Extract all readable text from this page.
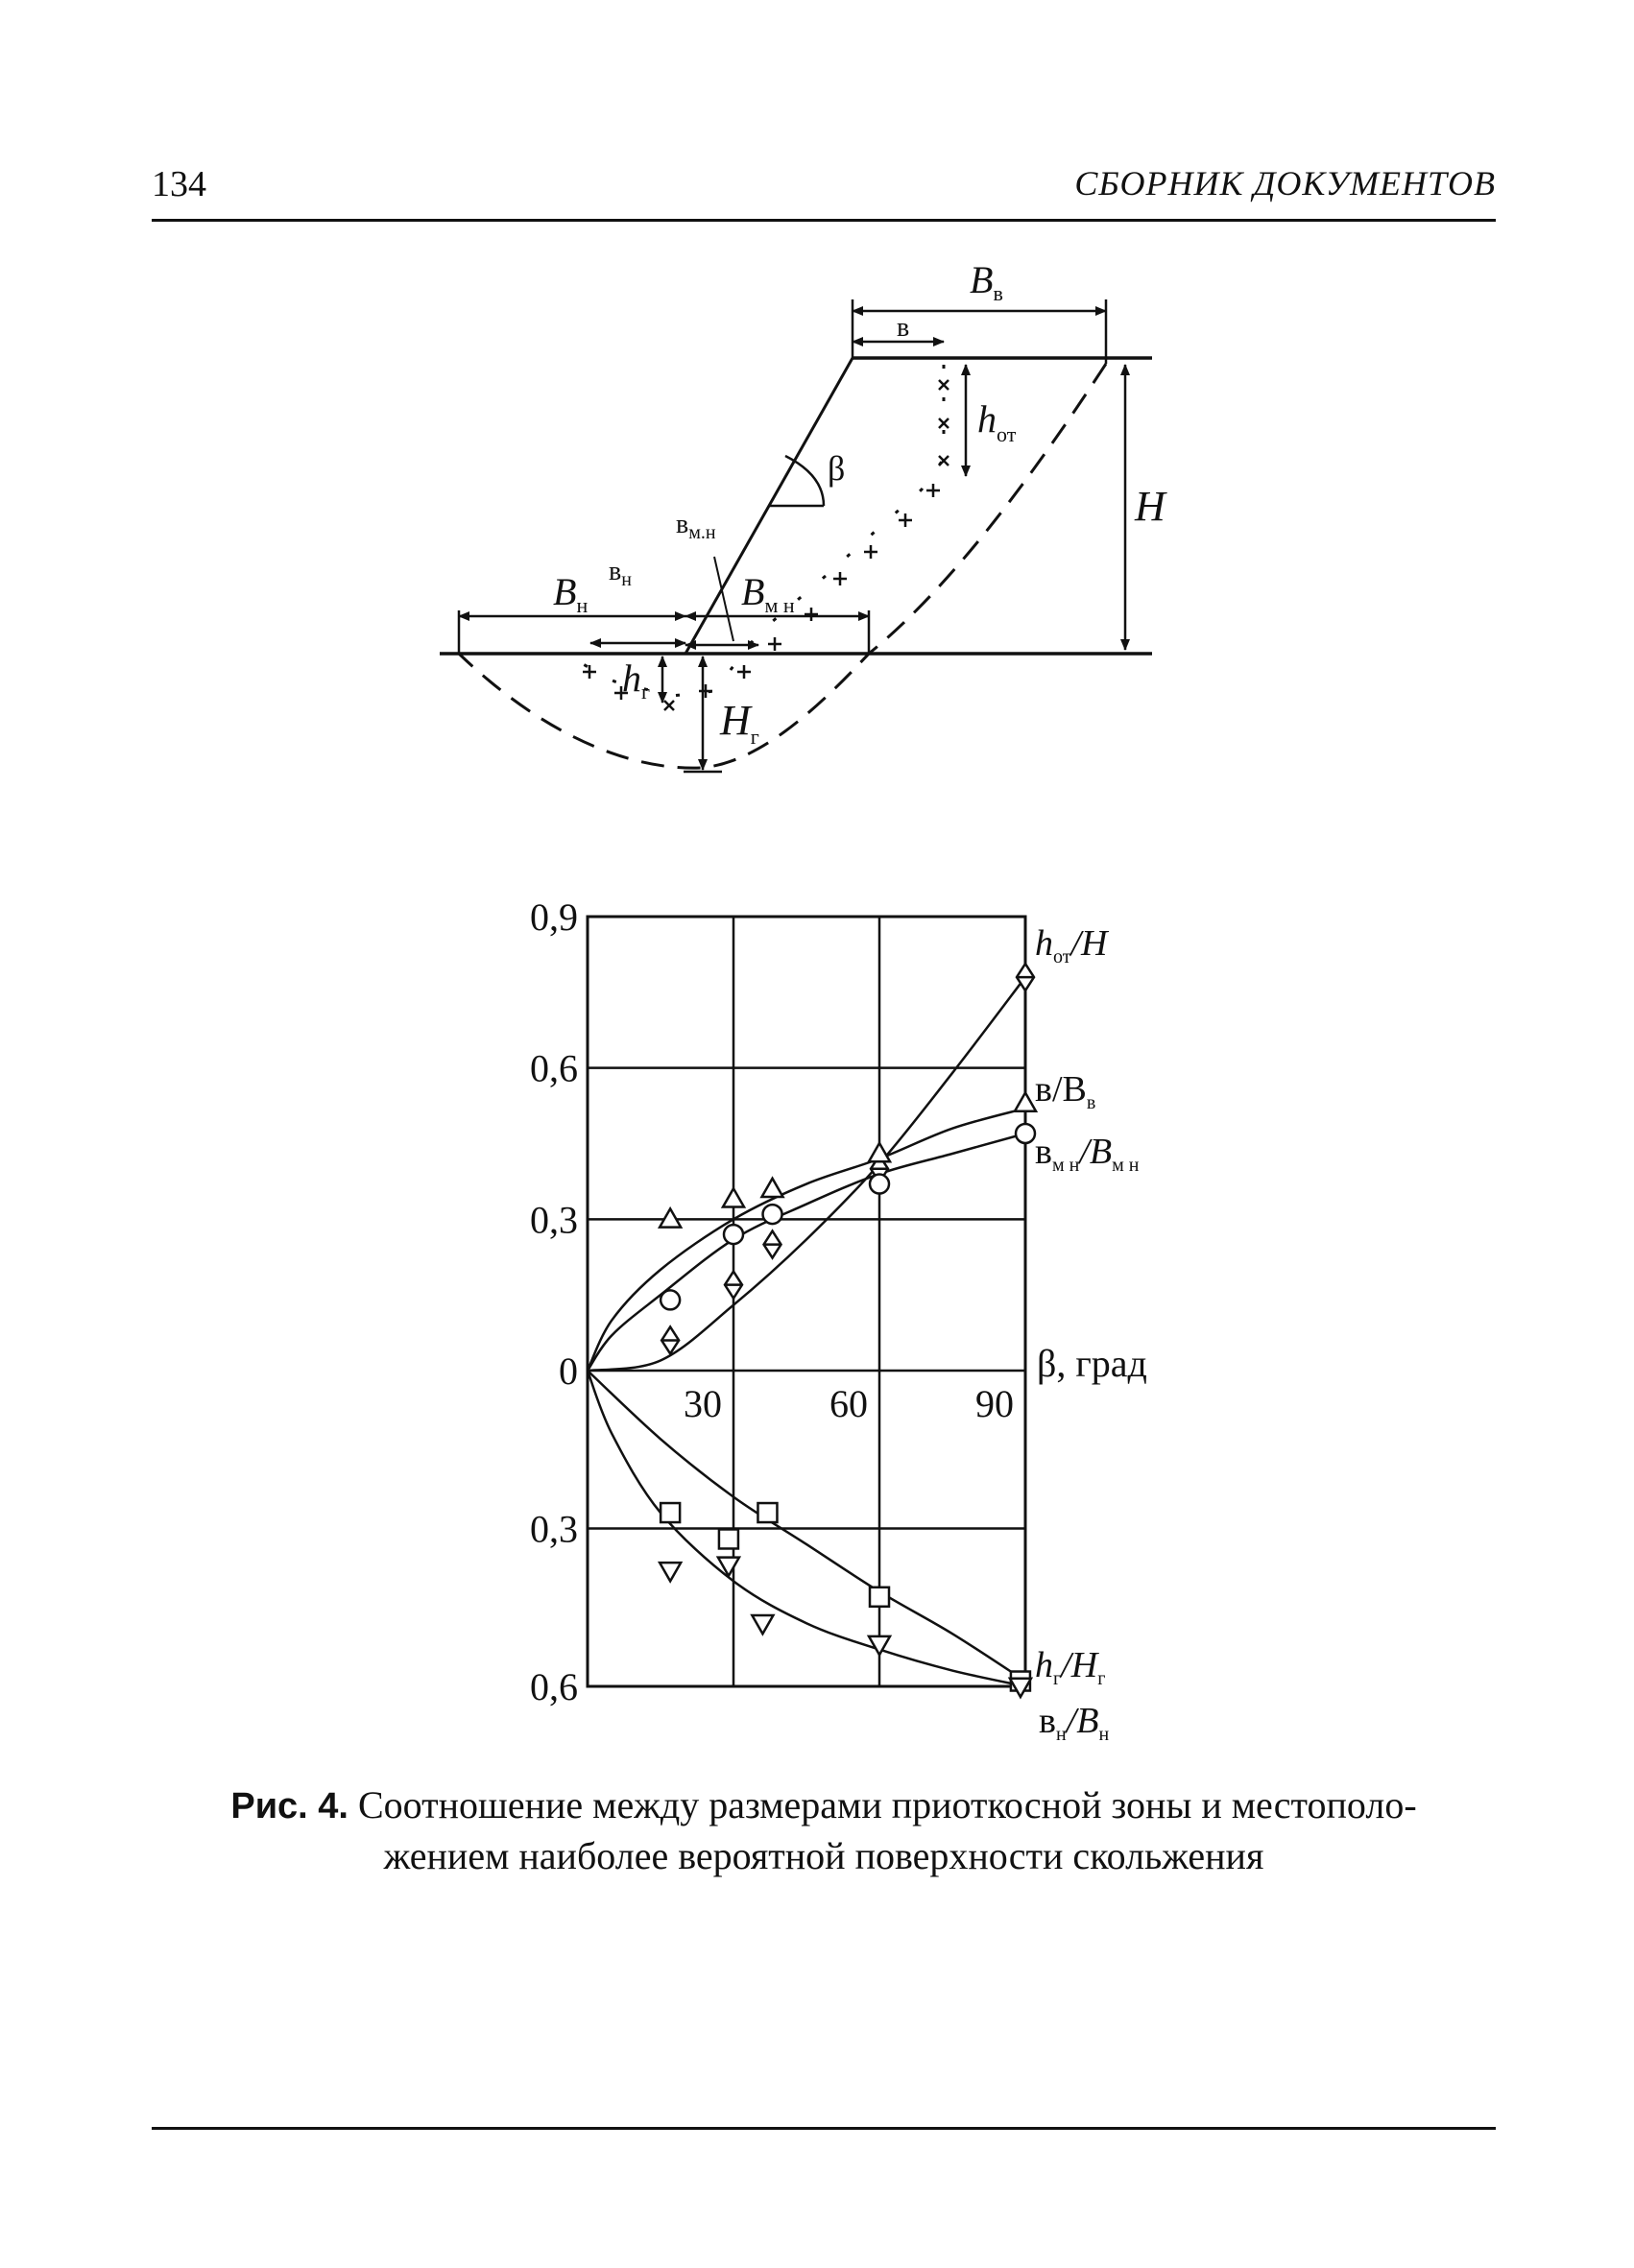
134	СБОРНИК ДОКУМЕНТОВ
$B_в$
в
$h_{от}$
β
H
$в_{м.н}$
$B_н$
$в_н$	$B_{м н}$
$h_г$
$H_г$
0,9
0,6
0,3
0
0,3
0,6
30	60	90
$h_{от}/H$
$в/B_в$
$в_{м н}/B_{м н}$
$h_г/H_г$
$в_н/B_н$
β, град
Рис. 4. Соотношение между размерами приоткосной зоны и местополо-
жением наиболее вероятной поверхности скольжения
